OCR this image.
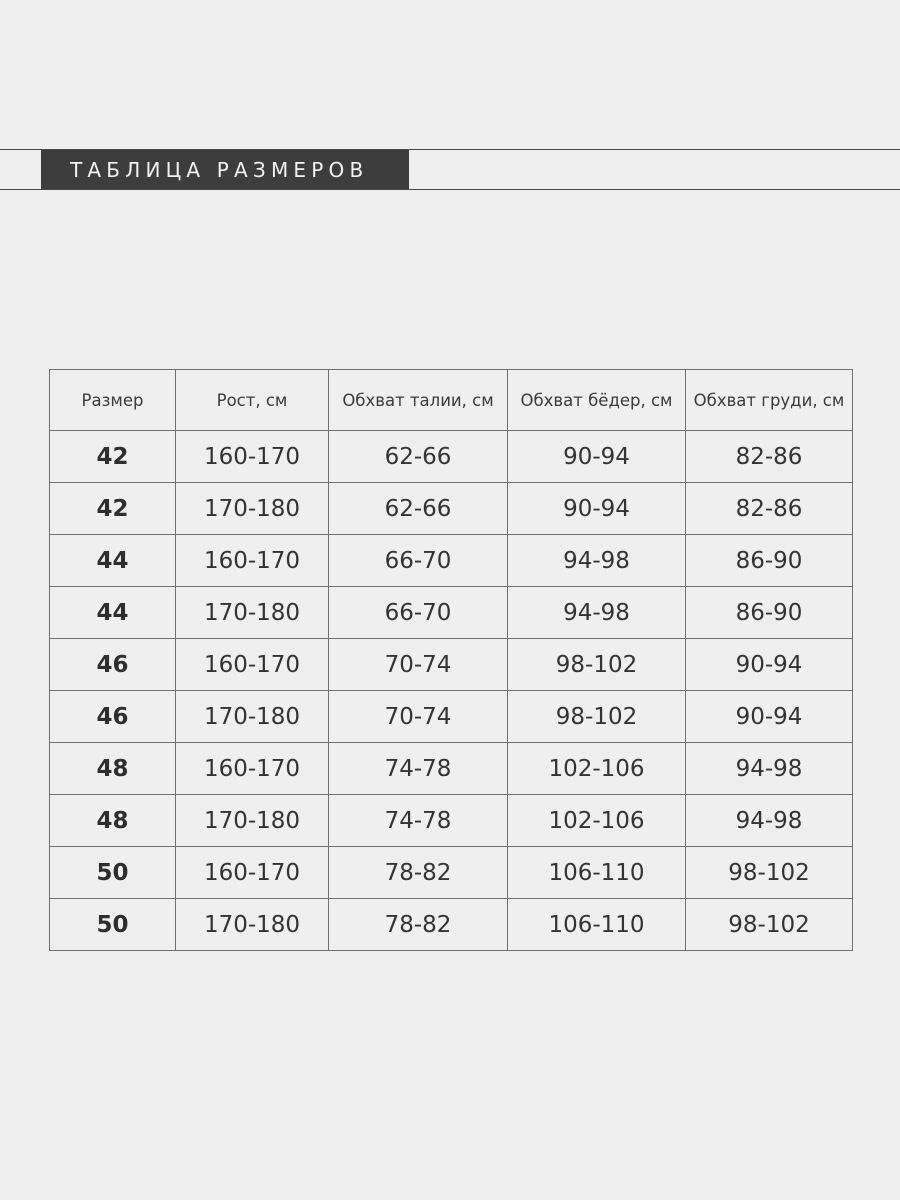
ТАБЛИЦА РАЗМЕРОВ
Размер	Рост, см	Обхват талии, см	Обхват бёдер, см	Обхват груди, см
42	160-170	62-66	90-94	82-86
42	170-180	62-66	90-94	82-86
44	160-170	66-70	94-98	86-90
44	170-180	66-70	94-98	86-90
46	160-170	70-74	98-102	90-94
46	170-180	70-74	98-102	90-94
48	160-170	74-78	102-106	94-98
48	170-180	74-78	102-106	94-98
50	160-170	78-82	106-110	98-102
50	170-180	78-82	106-110	98-102
